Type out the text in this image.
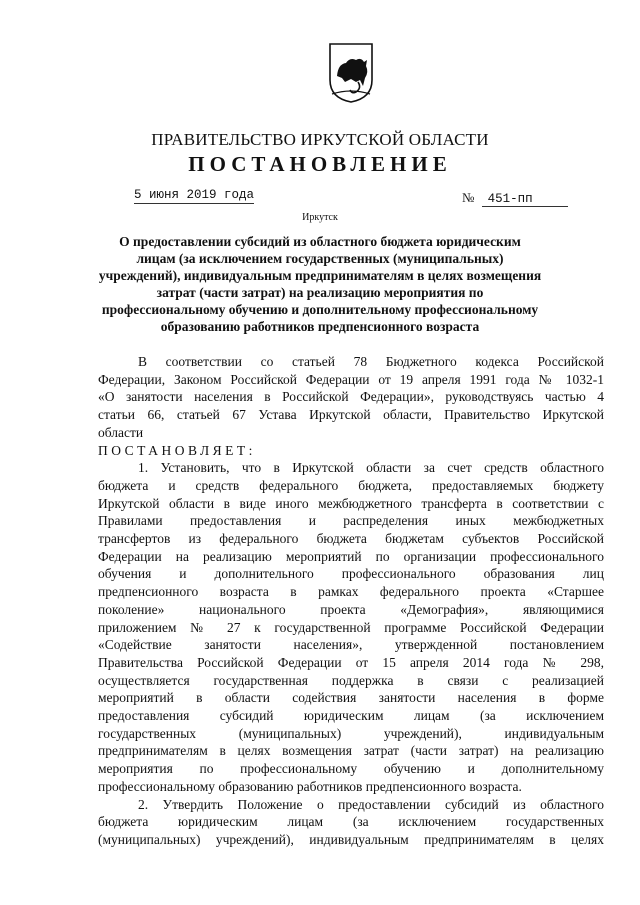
ПРАВИТЕЛЬСТВО ИРКУТСКОЙ ОБЛАСТИ
ПОСТАНОВЛЕНИЕ
5 июня 2019 года	№ 451-пп
Иркутск
О предоставлении субсидий из областного бюджета юридическим
лицам (за исключением государственных (муниципальных)
учреждений), индивидуальным предпринимателям в целях возмещения
затрат (части затрат) на реализацию мероприятия по
профессиональному обучению и дополнительному профессиональному
образованию работников предпенсионного возраста
В соответствии со статьей 78 Бюджетного кодекса Российской
Федерации, Законом Российской Федерации от 19 апреля 1991 года № 1032-1
«О занятости населения в Российской Федерации», руководствуясь частью 4
статьи 66, статьей 67 Устава Иркутской области, Правительство Иркутской
области
ПОСТАНОВЛЯЕТ:
1. Установить, что в Иркутской области за счет средств областного
бюджета и средств федерального бюджета, предоставляемых бюджету
Иркутской области в виде иного межбюджетного трансферта в соответствии с
Правилами предоставления и распределения иных межбюджетных
трансфертов из федерального бюджета бюджетам субъектов Российской
Федерации на реализацию мероприятий по организации профессионального
обучения и дополнительного профессионального образования лиц
предпенсионного возраста в рамках федерального проекта «Старшее
поколение» национального проекта «Демография», являющимися
приложением № 27 к государственной программе Российской Федерации
«Содействие занятости населения», утвержденной постановлением
Правительства Российской Федерации от 15 апреля 2014 года № 298,
осуществляется государственная поддержка в связи с реализацией
мероприятий в области содействия занятости населения в форме
предоставления субсидий юридическим лицам (за исключением
государственных (муниципальных) учреждений), индивидуальным
предпринимателям в целях возмещения затрат (части затрат) на реализацию
мероприятия по профессиональному обучению и дополнительному
профессиональному образованию работников предпенсионного возраста.
2. Утвердить Положение о предоставлении субсидий из областного
бюджета юридическим лицам (за исключением государственных
(муниципальных) учреждений), индивидуальным предпринимателям в целях
